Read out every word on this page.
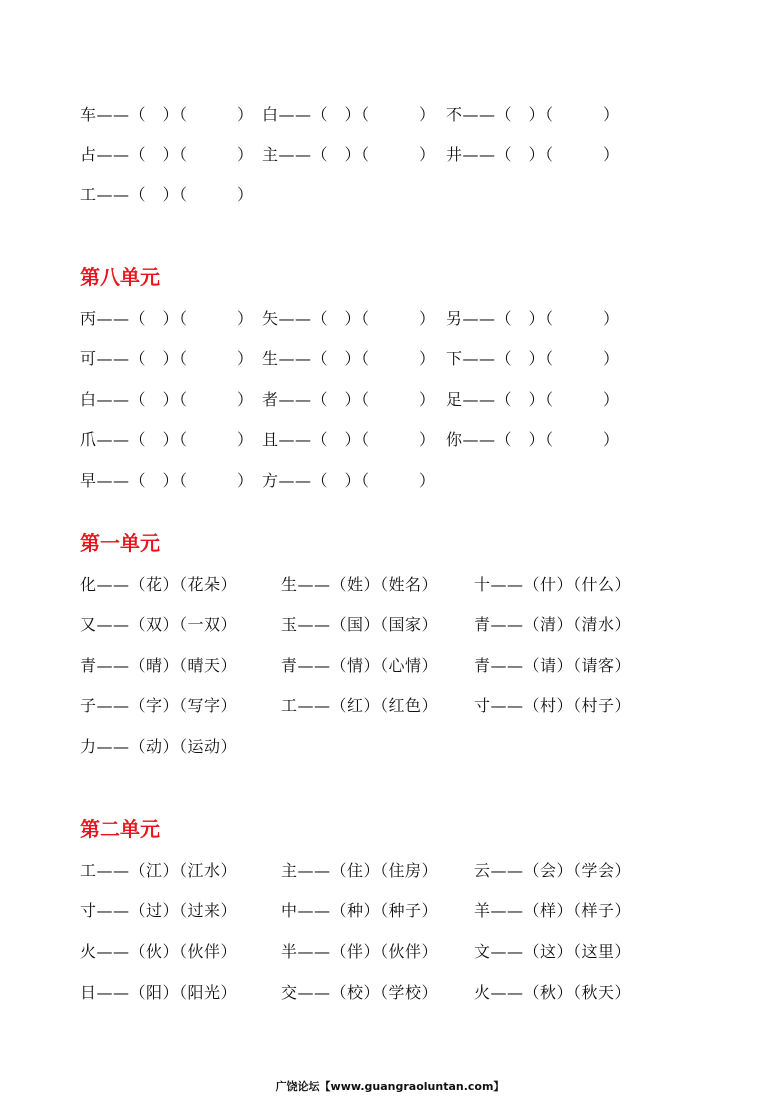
车——（　）（　　　） 白——（　）（　　　） 不——（　）（　　　）
占——（　）（　　　） 主——（　）（　　　） 井——（　）（　　　）
工——（　）（　　　）
第八单元
丙——（　）（　　　） 矢——（　）（　　　） 另——（　）（　　　）
可——（　）（　　　） 生——（　）（　　　） 下——（　）（　　　）
白——（　）（　　　） 者——（　）（　　　） 足——（　）（　　　）
爪——（　）（　　　） 且——（　）（　　　） 你——（　）（　　　）
早——（　）（　　　） 方——（　）（　　　）
第一单元
化——（花）（花朵）	生——（姓）（姓名） 十——（什）（什么）
又——（双）（一双）	玉——（国）（国家） 青——（清）（清水）
青——（晴）（晴天）	青——（情）（心情） 青——（请）（请客）
子——（字）（写字）	工——（红）（红色） 寸——（村）（村子）
力——（动）（运动）
第二单元
工——（江）（江水）	主——（住）（住房） 云——（会）（学会）
寸——（过）（过来）	中——（种）（种子） 羊——（样）（样子）
火——（伙）（伙伴）	半——（伴）（伙伴） 文——（这）（这里）
日——（阳）（阳光）	交——（校）（学校） 火——（秋）（秋天）
广饶论坛【www.guangraoluntan.com】
